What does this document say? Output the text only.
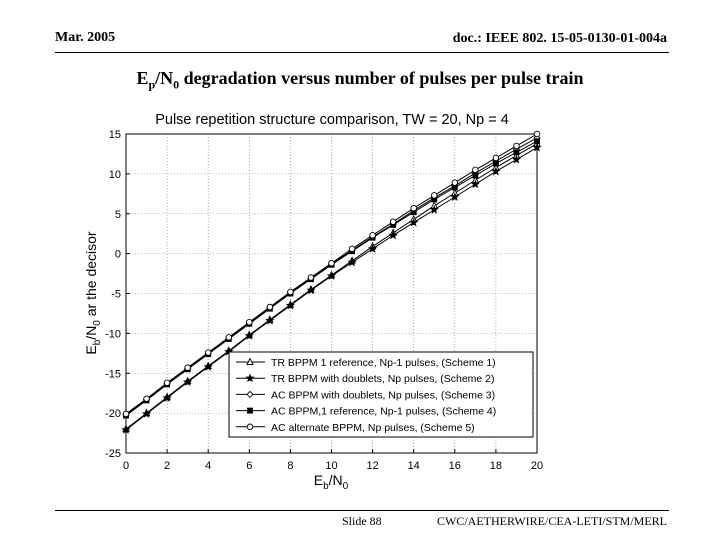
Mar. 2005	doc.: IEEE 802. 15-05-0130-01-004a
$E_p/N_0$ degradation versus number of pulses per pulse train
Pulse repetition structure comparison, TW = 20, Np = 4
0	2	4	6	8	10	12	14	16	18	20
-25
-20
-15
-10
-5
0
5
10
15
$E_b/N_0$
$E_b/N_0$ ar the decisor
TR BPPM 1 reference, Np-1 pulses, (Scheme 1)
TR BPPM with doublets, Np pulses, (Scheme 2)
AC BPPM with doublets, Np pulses, (Scheme 3)
AC BPPM,1 reference, Np-1 pulses, (Scheme 4)
AC alternate BPPM, Np pulses, (Scheme 5)
Slide 88	CWC/AETHERWIRE/CEA-LETI/STM/MERL
